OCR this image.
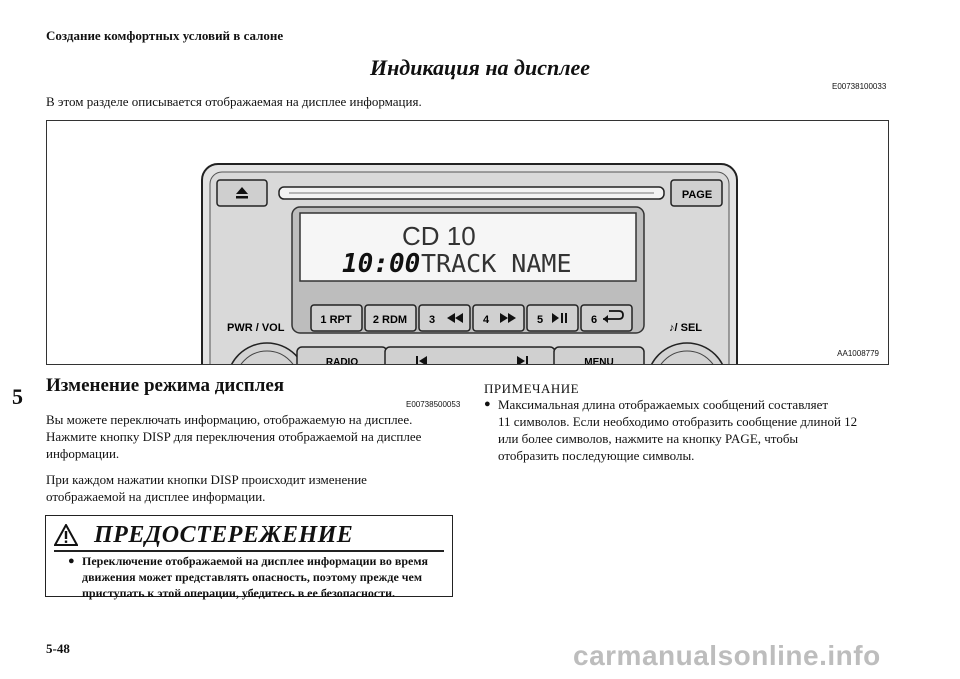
Создание комфортных условий в салоне
Индикация на дисплее
E00738100033
В этом разделе описывается отображаемая на дисплее информация.
PAGE
CD 10
10:00 TRACK NAME
1 RPT 2 RDM 3	4	5	6
PWR / VOL	♪/ SEL
RADIO	MENU
AA1008779
5 Изменение режима дисплея
E00738500053
Вы можете переключать информацию, отображаемую на дисплее.
Нажмите кнопку DISP для переключения отображаемой на дисплее
информации.
При каждом нажатии кнопки DISP происходит изменение
отображаемой на дисплее информации.
ПРИМЕЧАНИЕ
● Максимальная длина отображаемых сообщений составляет
11 символов. Если необходимо отобразить сообщение длиной 12
или более символов, нажмите на кнопку PAGE, чтобы
отобразить последующие символы.
ПРЕДОСТЕРЕЖЕНИЕ
● Переключение отображаемой на дисплее информации во время
движения может представлять опасность, поэтому прежде чем
приступать к этой операции, убедитесь в ее безопасности.
5-48	carmanualsonline.info
